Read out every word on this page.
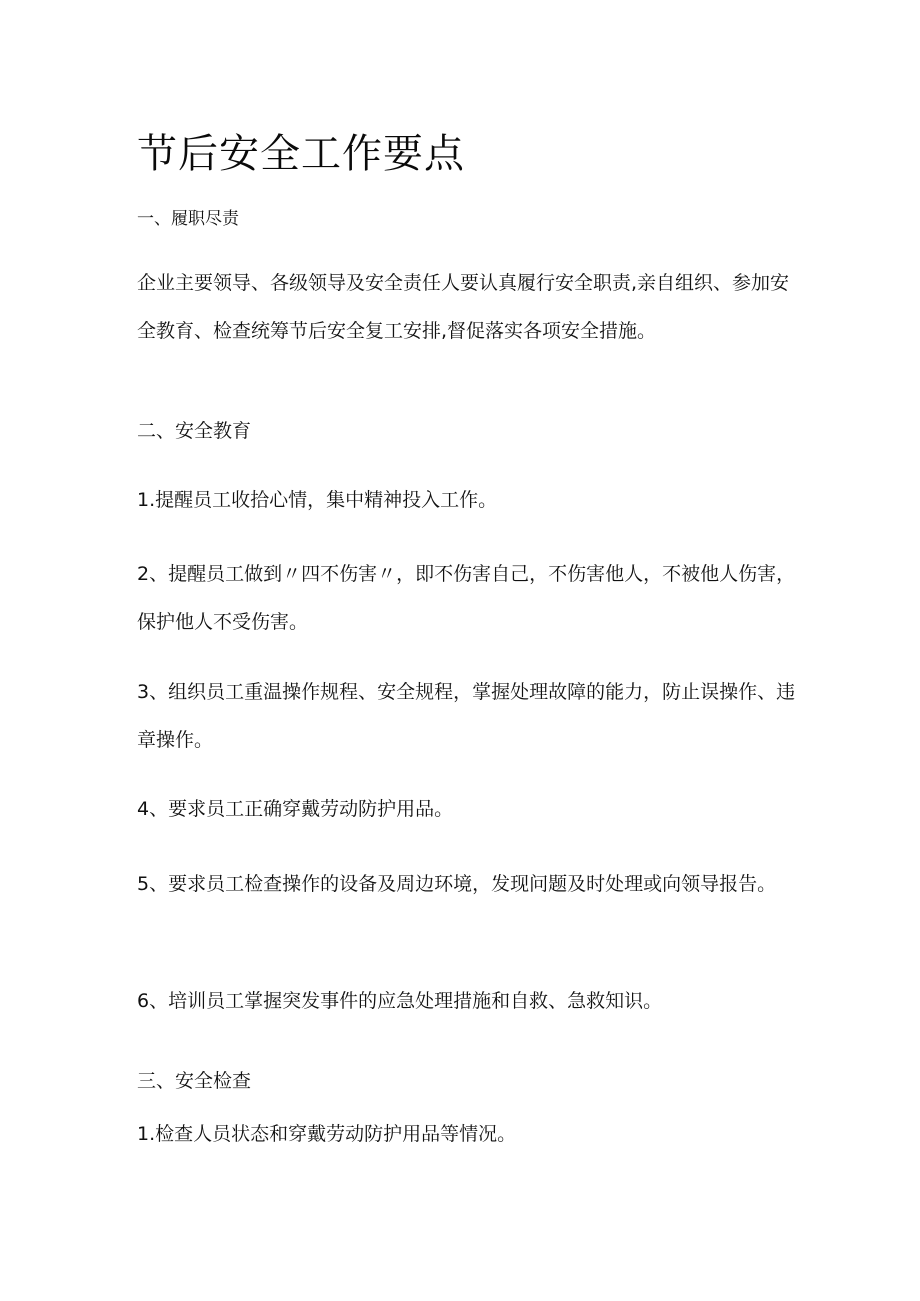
节后安全工作要点

一、履职尽责

企业主要领导、各级领导及安全责任人要认真履行安全职责,亲自组织、参加安全教育、检查统筹节后安全复工安排,督促落实各项安全措施。

二、安全教育

1.提醒员工收拾心情，集中精神投入工作。

2、提醒员工做到〃四不伤害〃，即不伤害自己，不伤害他人，不被他人伤害，保护他人不受伤害。

3、组织员工重温操作规程、安全规程，掌握处理故障的能力，防止误操作、违章操作。

4、要求员工正确穿戴劳动防护用品。

5、要求员工检查操作的设备及周边环境，发现问题及时处理或向领导报告。

6、培训员工掌握突发事件的应急处理措施和自救、急救知识。

三、安全检查

1.检查人员状态和穿戴劳动防护用品等情况。
